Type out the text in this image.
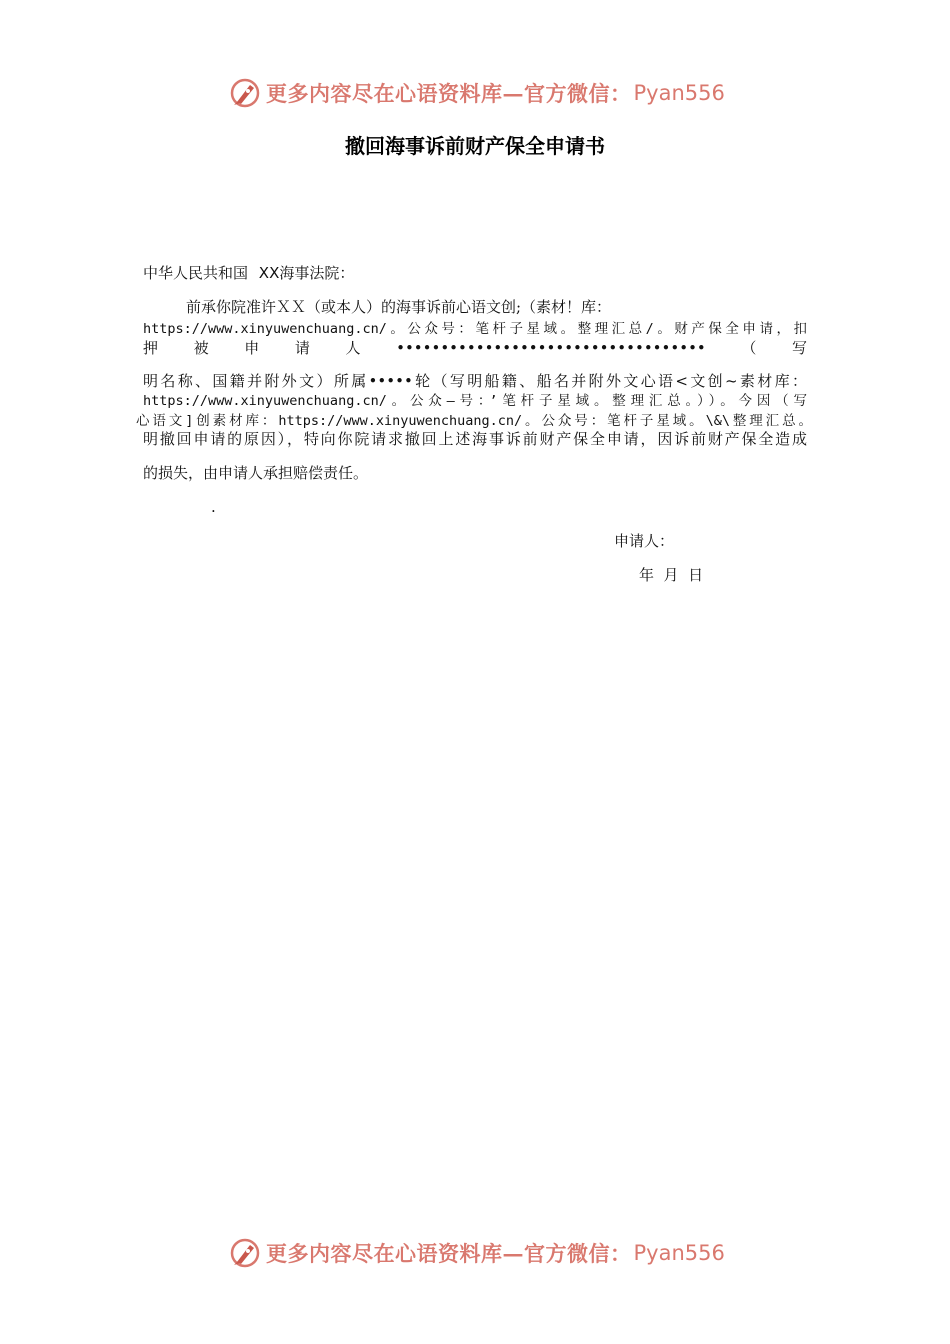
更多内容尽在心语资料库—官方微信： Pyan556
撤回海事诉前财产保全申请书
中华人民共和国 XX海事法院：
前承你院准许ＸＸ（或本人）的海事诉前心语文创;（素材！库：
https://www.xinyuwenchuang.cn/。公众号：笔杆子星域。整理汇总/。财产保全申请，扣
押被申请人•••••••••••••••••••••••••••••••••••（写
明名称、国籍并附外文）所属•••••轮（写明船籍、船名并附外文心语<文创~素材库：
https://www.xinyuwenchuang.cn/。公众—号：’笔杆子星域。整理汇总。））。今因（写
心语文]创素材库：https://www.xinyuwenchuang.cn/。公众号：笔杆子星域。\&\整理汇总。
明撤回申请的原因），特向你院请求撤回上述海事诉前财产保全申请，因诉前财产保全造成
的损失，由申请人承担赔偿责任。
.
申请人：
年  月  日
更多内容尽在心语资料库—官方微信： Pyan556
